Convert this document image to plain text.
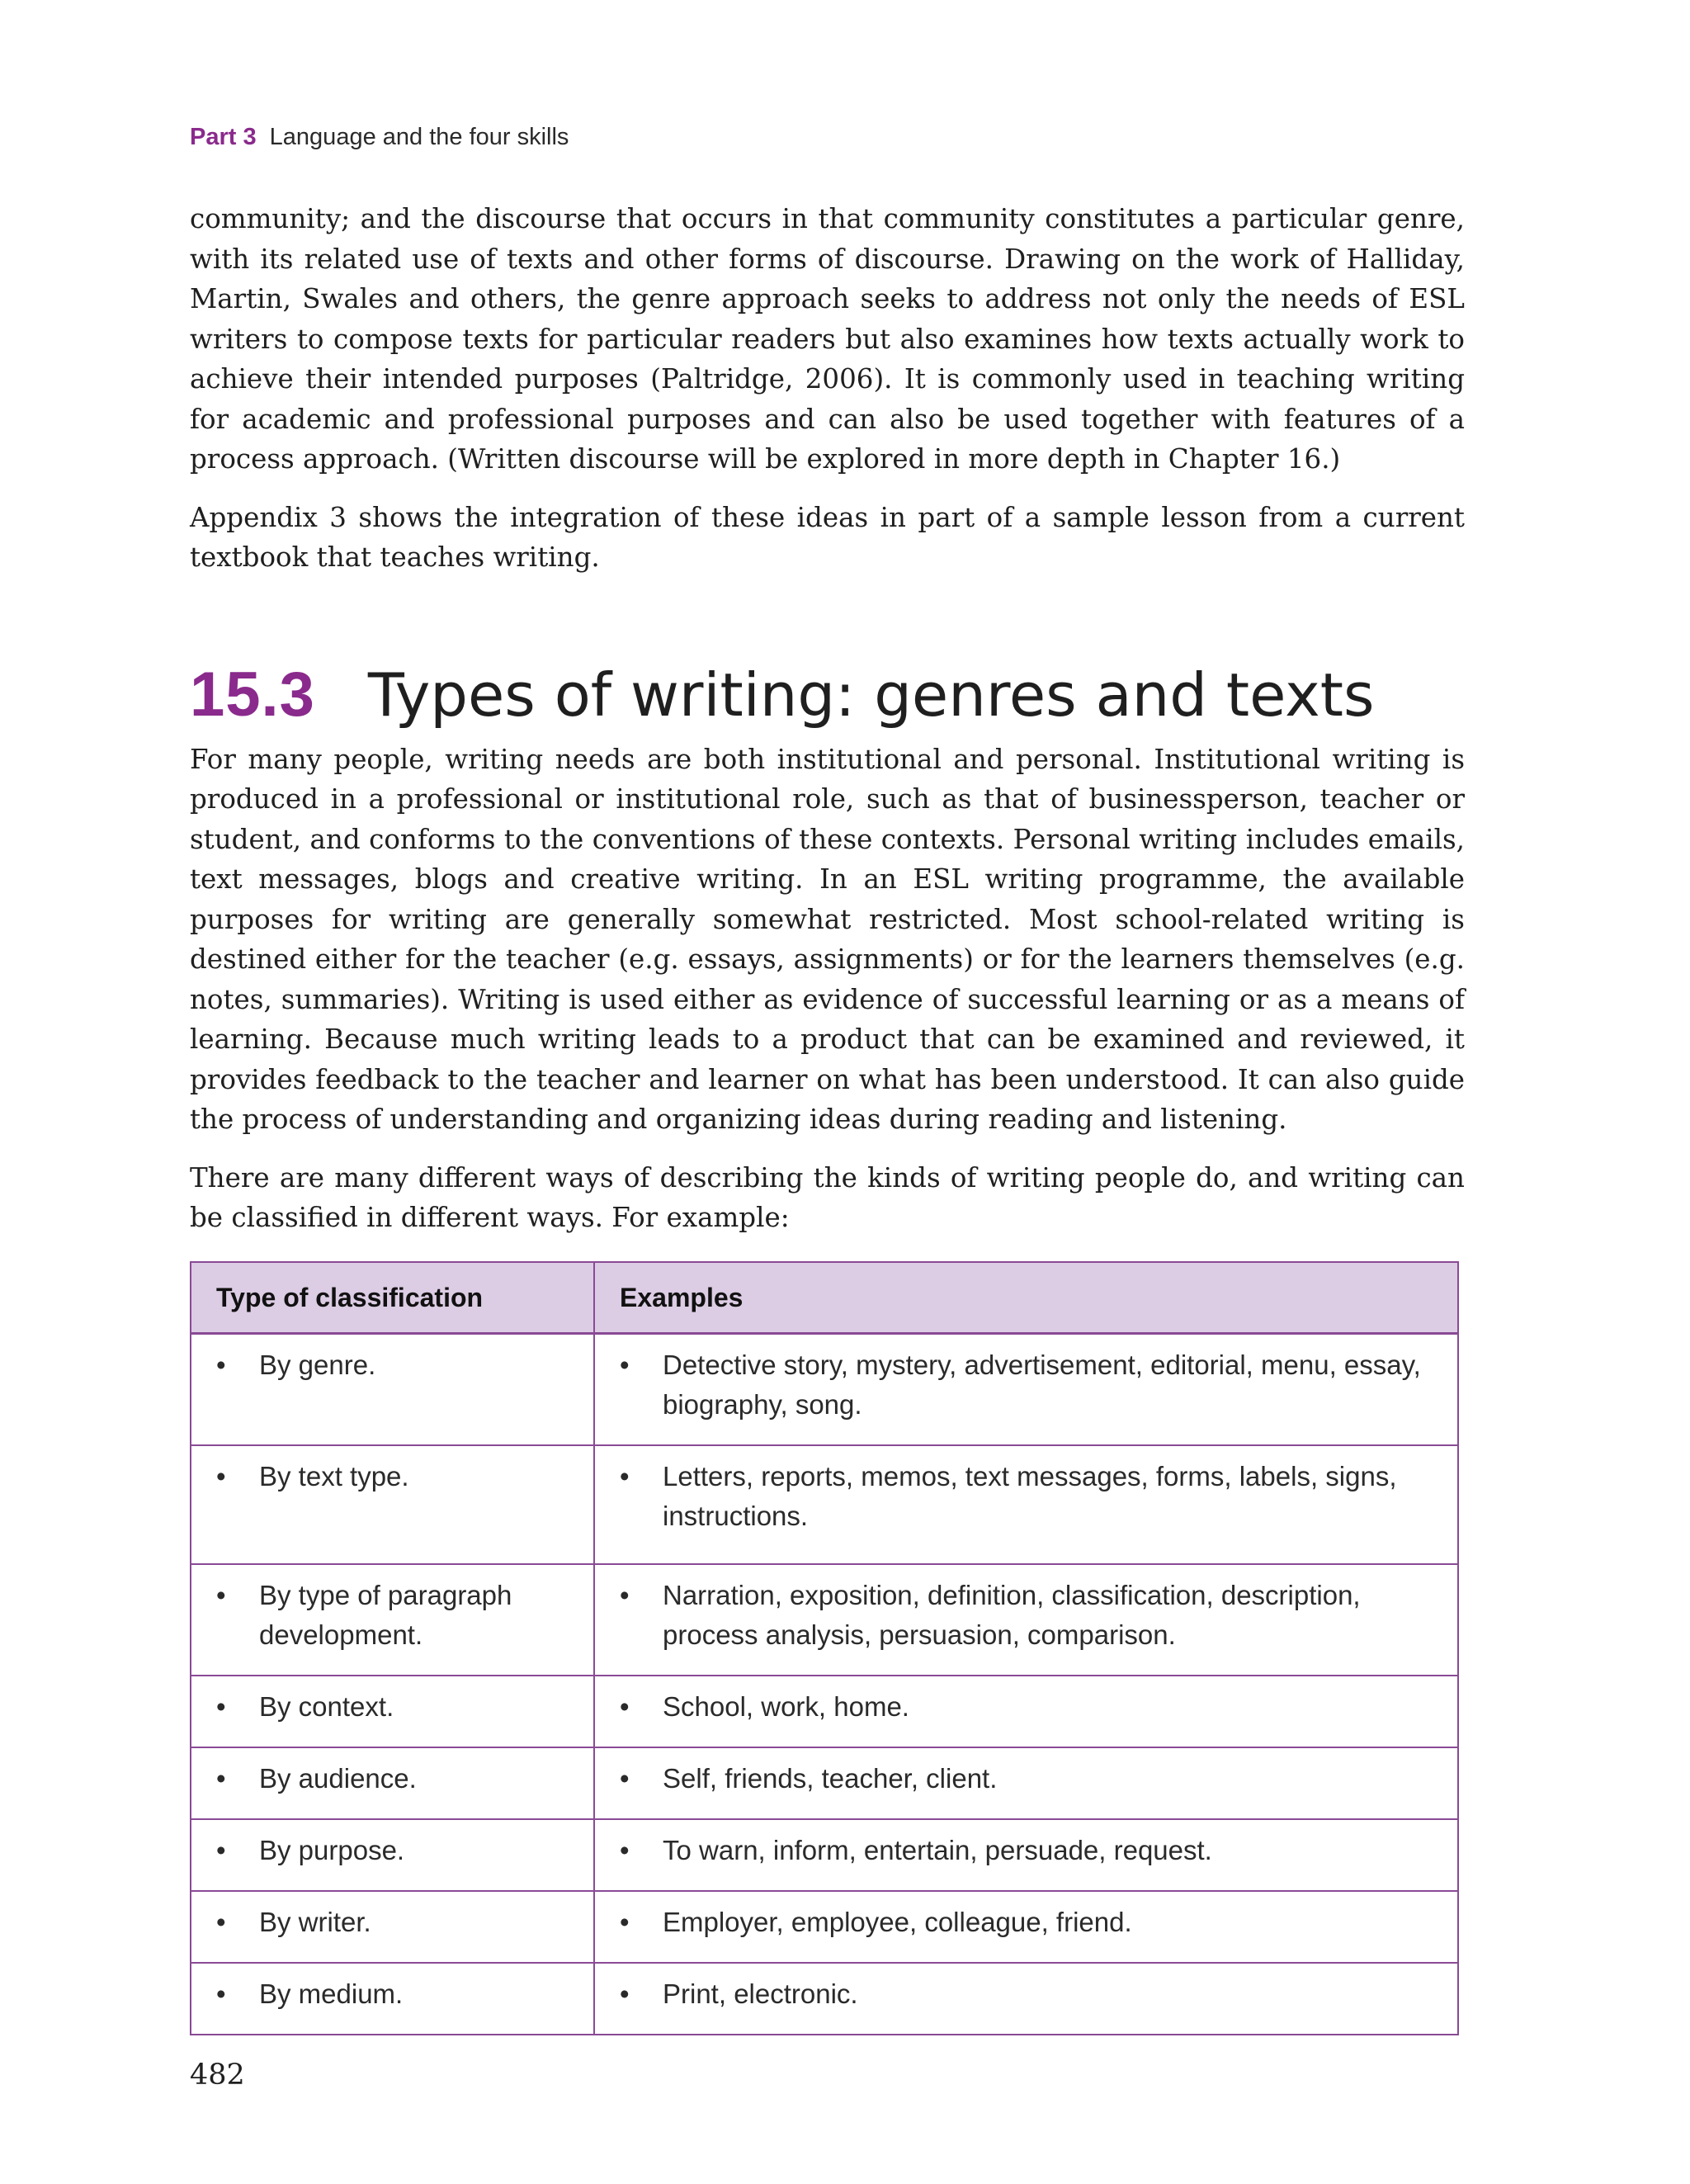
Part 3 Language and the four skills

community; and the discourse that occurs in that community constitutes a particular genre, with its related use of texts and other forms of discourse. Drawing on the work of Halliday, Martin, Swales and others, the genre approach seeks to address not only the needs of ESL writers to compose texts for particular readers but also examines how texts actually work to achieve their intended purposes (Paltridge, 2006). It is commonly used in teaching writing for academic and professional purposes and can also be used together with features of a process approach. (Written discourse will be explored in more depth in Chapter 16.)

Appendix 3 shows the integration of these ideas in part of a sample lesson from a current textbook that teaches writing.

15.3 Types of writing: genres and texts

For many people, writing needs are both institutional and personal. Institutional writing is produced in a professional or institutional role, such as that of businessperson, teacher or student, and conforms to the conventions of these contexts. Personal writing includes emails, text messages, blogs and creative writing. In an ESL writing programme, the available purposes for writing are generally somewhat restricted. Most school-related writing is destined either for the teacher (e.g. essays, assignments) or for the learners themselves (e.g. notes, summaries). Writing is used either as evidence of successful learning or as a means of learning. Because much writing leads to a product that can be examined and reviewed, it provides feedback to the teacher and learner on what has been understood. It can also guide the process of understanding and organizing ideas during reading and listening.

There are many different ways of describing the kinds of writing people do, and writing can be classified in different ways. For example:

Type of classification	Examples

• By genre.	• Detective story, mystery, advertisement, editorial, menu, essay, biography, song.

• By text type.	• Letters, reports, memos, text messages, forms, labels, signs, instructions.

• By type of paragraph development.	• Narration, exposition, definition, classification, description, process analysis, persuasion, comparison.

• By context.	• School, work, home.

• By audience.	• Self, friends, teacher, client.

• By purpose.	• To warn, inform, entertain, persuade, request.

• By writer.	• Employer, employee, colleague, friend.

• By medium.	• Print, electronic.
482
